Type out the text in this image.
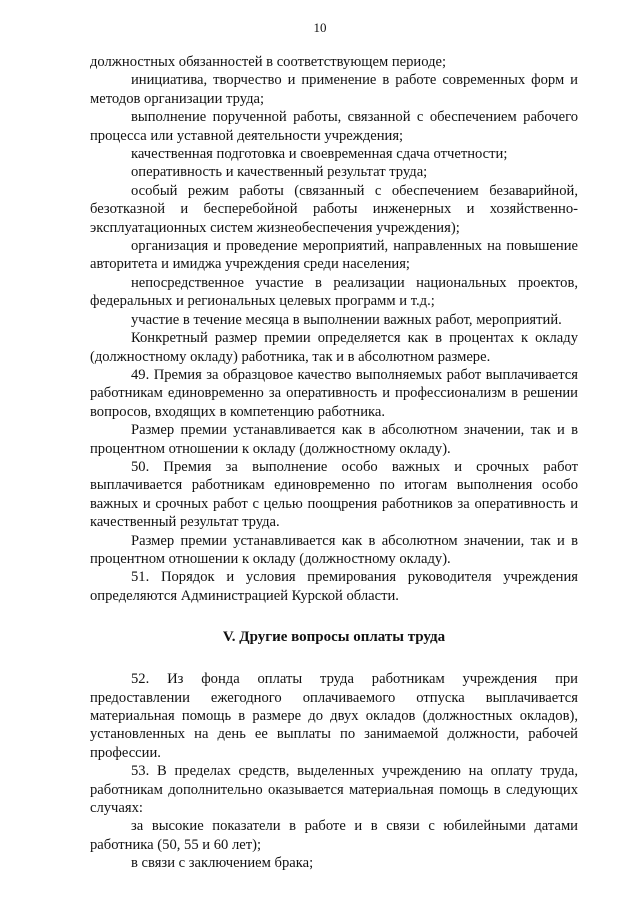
10

должностных обязанностей в соответствующем периоде;

инициатива, творчество и применение в работе современных форм и методов организации труда;

выполнение порученной работы, связанной с обеспечением рабочего процесса или уставной деятельности учреждения;

качественная подготовка и своевременная сдача отчетности;

оперативность и качественный результат труда;

особый режим работы (связанный с обеспечением безаварийной, безотказной и бесперебойной работы инженерных и хозяйственно-эксплуатационных систем жизнеобеспечения учреждения);

организация и проведение мероприятий, направленных на повышение авторитета и имиджа учреждения среди населения;

непосредственное участие в реализации национальных проектов, федеральных и региональных целевых программ и т.д.;

участие в течение месяца в выполнении важных работ, мероприятий.

Конкретный размер премии определяется как в процентах к окладу (должностному окладу) работника, так и в абсолютном размере.

49. Премия за образцовое качество выполняемых работ выплачивается работникам единовременно за оперативность и профессионализм в решении вопросов, входящих в компетенцию работника.

Размер премии устанавливается как в абсолютном значении, так и в процентном отношении к окладу (должностному окладу).

50. Премия за выполнение особо важных и срочных работ выплачивается работникам единовременно по итогам выполнения особо важных и срочных работ с целью поощрения работников за оперативность и качественный результат труда.

Размер премии устанавливается как в абсолютном значении, так и в процентном отношении к окладу (должностному окладу).

51. Порядок и условия премирования руководителя учреждения определяются Администрацией Курской области.

V. Другие вопросы оплаты труда

52. Из фонда оплаты труда работникам учреждения при предоставлении ежегодного оплачиваемого отпуска выплачивается материальная помощь в размере до двух окладов (должностных окладов), установленных на день ее выплаты по занимаемой должности, рабочей профессии.

53. В пределах средств, выделенных учреждению на оплату труда, работникам дополнительно оказывается материальная помощь в следующих случаях:

за высокие показатели в работе и в связи с юбилейными датами работника (50, 55 и 60 лет);

в связи с заключением брака;
